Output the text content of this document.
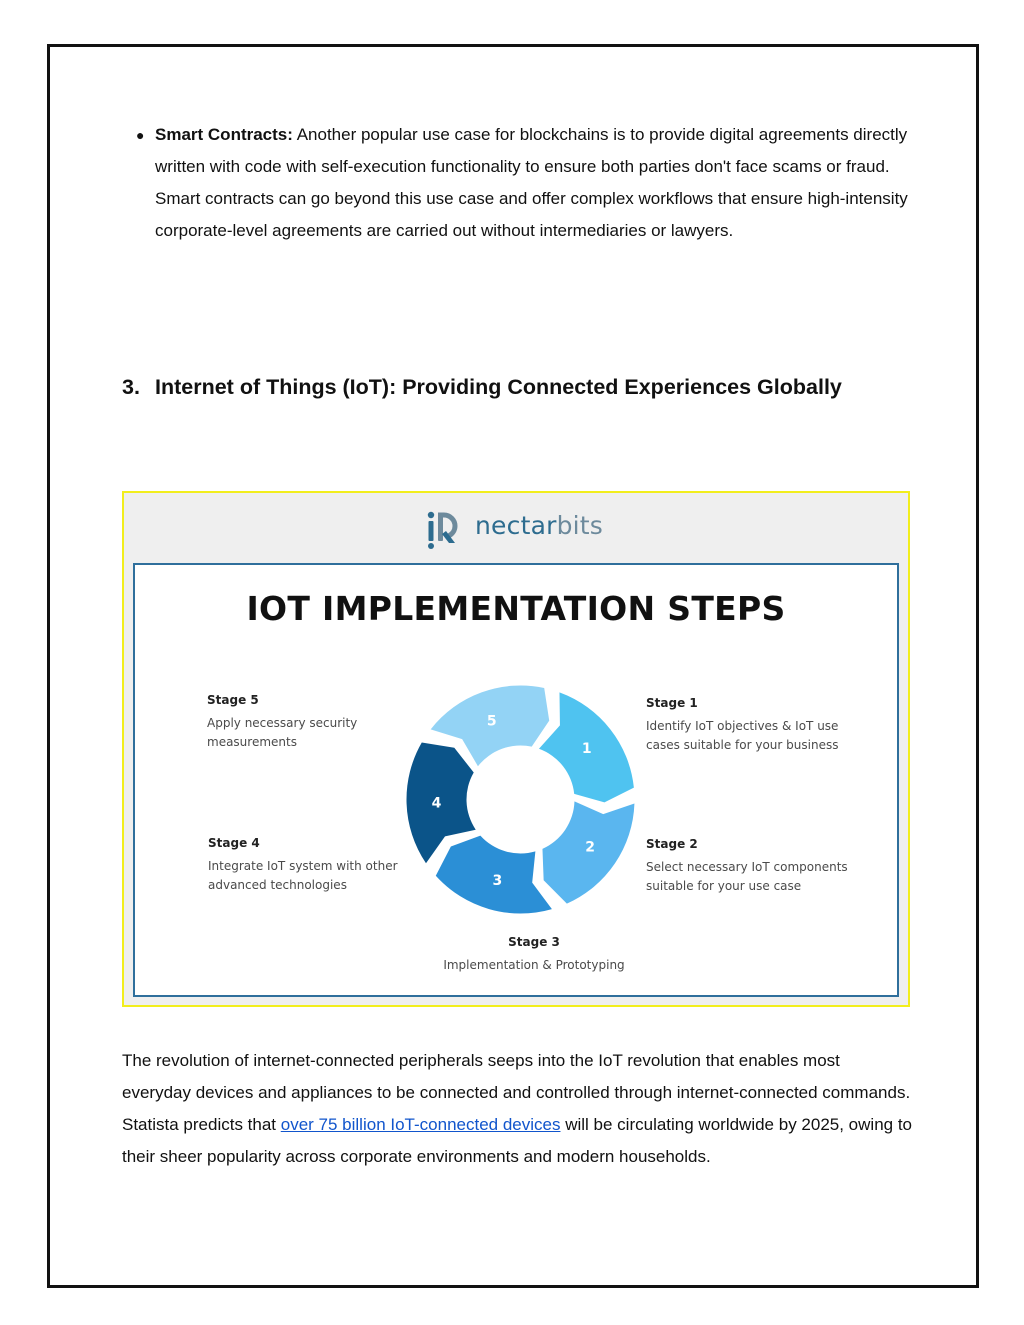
● Smart Contracts: Another popular use case for blockchains is to provide digital agreements directly written with code with self-execution functionality to ensure both parties don't face scams or fraud. Smart contracts can go beyond this use case and offer complex workflows that ensure high-intensity corporate-level agreements are carried out without intermediaries or lawyers.
3. Internet of Things (IoT): Providing Connected Experiences Globally
nectarbits
IOT IMPLEMENTATION STEPS
Stage 5
Apply necessary security measurements
Stage 1
Identify IoT objectives & IoT use cases suitable for your business
Stage 4
Integrate IoT system with other advanced technologies
Stage 2
Select necessary IoT components suitable for your use case
Stage 3
Implementation & Prototyping
1
2
3
4
5
The revolution of internet-connected peripherals seeps into the IoT revolution that enables most everyday devices and appliances to be connected and controlled through internet-connected commands. Statista predicts that over 75 billion IoT-connected devices will be circulating worldwide by 2025, owing to their sheer popularity across corporate environments and modern households.
